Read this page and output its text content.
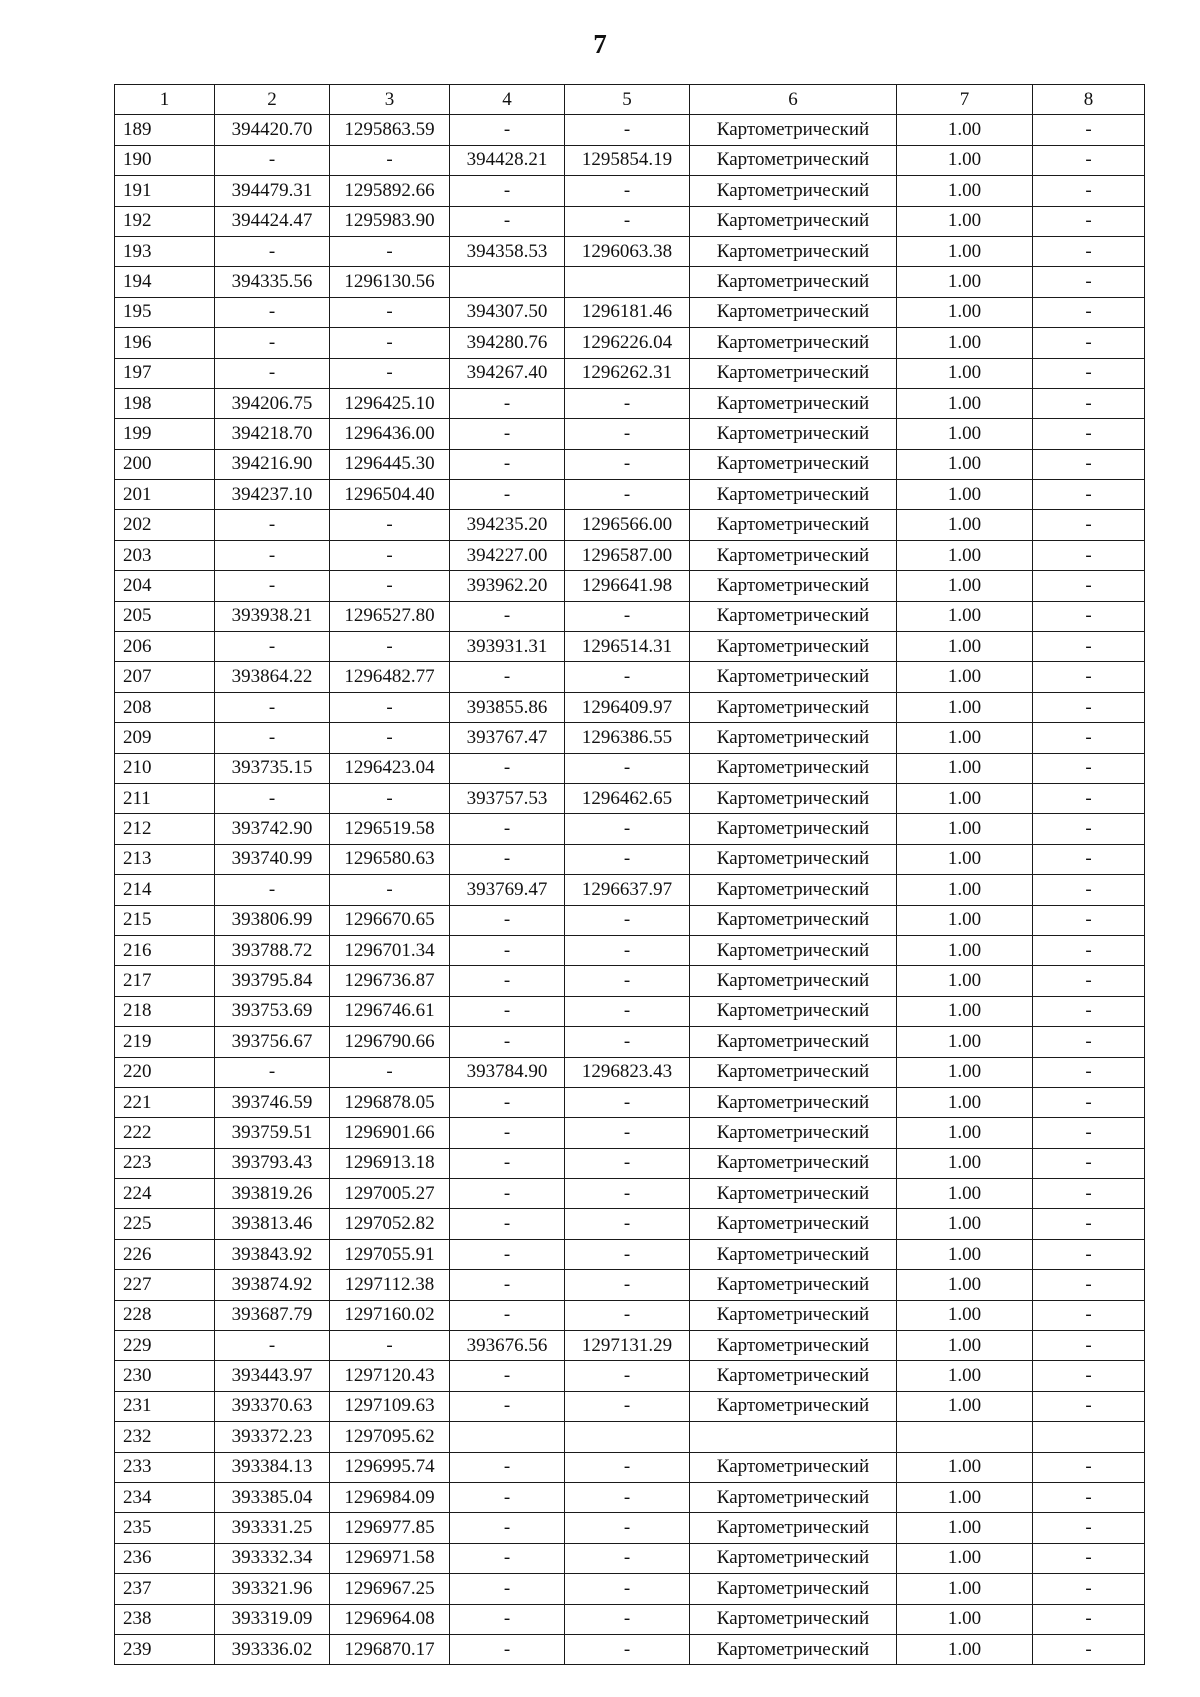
7
1	2	3	4	5	6	7	8
189	394420.70	1295863.59	-	-	Картометрический	1.00	-
190	-	-	394428.21	1295854.19	Картометрический	1.00	-
191	394479.31	1295892.66	-	-	Картометрический	1.00	-
192	394424.47	1295983.90	-	-	Картометрический	1.00	-
193	-	-	394358.53	1296063.38	Картометрический	1.00	-
194	394335.56	1296130.56			Картометрический	1.00	-
195	-	-	394307.50	1296181.46	Картометрический	1.00	-
196	-	-	394280.76	1296226.04	Картометрический	1.00	-
197	-	-	394267.40	1296262.31	Картометрический	1.00	-
198	394206.75	1296425.10	-	-	Картометрический	1.00	-
199	394218.70	1296436.00	-	-	Картометрический	1.00	-
200	394216.90	1296445.30	-	-	Картометрический	1.00	-
201	394237.10	1296504.40	-	-	Картометрический	1.00	-
202	-	-	394235.20	1296566.00	Картометрический	1.00	-
203	-	-	394227.00	1296587.00	Картометрический	1.00	-
204	-	-	393962.20	1296641.98	Картометрический	1.00	-
205	393938.21	1296527.80	-	-	Картометрический	1.00	-
206	-	-	393931.31	1296514.31	Картометрический	1.00	-
207	393864.22	1296482.77	-	-	Картометрический	1.00	-
208	-	-	393855.86	1296409.97	Картометрический	1.00	-
209	-	-	393767.47	1296386.55	Картометрический	1.00	-
210	393735.15	1296423.04	-	-	Картометрический	1.00	-
211	-	-	393757.53	1296462.65	Картометрический	1.00	-
212	393742.90	1296519.58	-	-	Картометрический	1.00	-
213	393740.99	1296580.63	-	-	Картометрический	1.00	-
214	-	-	393769.47	1296637.97	Картометрический	1.00	-
215	393806.99	1296670.65	-	-	Картометрический	1.00	-
216	393788.72	1296701.34	-	-	Картометрический	1.00	-
217	393795.84	1296736.87	-	-	Картометрический	1.00	-
218	393753.69	1296746.61	-	-	Картометрический	1.00	-
219	393756.67	1296790.66	-	-	Картометрический	1.00	-
220	-	-	393784.90	1296823.43	Картометрический	1.00	-
221	393746.59	1296878.05	-	-	Картометрический	1.00	-
222	393759.51	1296901.66	-	-	Картометрический	1.00	-
223	393793.43	1296913.18	-	-	Картометрический	1.00	-
224	393819.26	1297005.27	-	-	Картометрический	1.00	-
225	393813.46	1297052.82	-	-	Картометрический	1.00	-
226	393843.92	1297055.91	-	-	Картометрический	1.00	-
227	393874.92	1297112.38	-	-	Картометрический	1.00	-
228	393687.79	1297160.02	-	-	Картометрический	1.00	-
229	-	-	393676.56	1297131.29	Картометрический	1.00	-
230	393443.97	1297120.43	-	-	Картометрический	1.00	-
231	393370.63	1297109.63	-	-	Картометрический	1.00	-
232	393372.23	1297095.62					
233	393384.13	1296995.74	-	-	Картометрический	1.00	-
234	393385.04	1296984.09	-	-	Картометрический	1.00	-
235	393331.25	1296977.85	-	-	Картометрический	1.00	-
236	393332.34	1296971.58	-	-	Картометрический	1.00	-
237	393321.96	1296967.25	-	-	Картометрический	1.00	-
238	393319.09	1296964.08	-	-	Картометрический	1.00	-
239	393336.02	1296870.17	-	-	Картометрический	1.00	-
